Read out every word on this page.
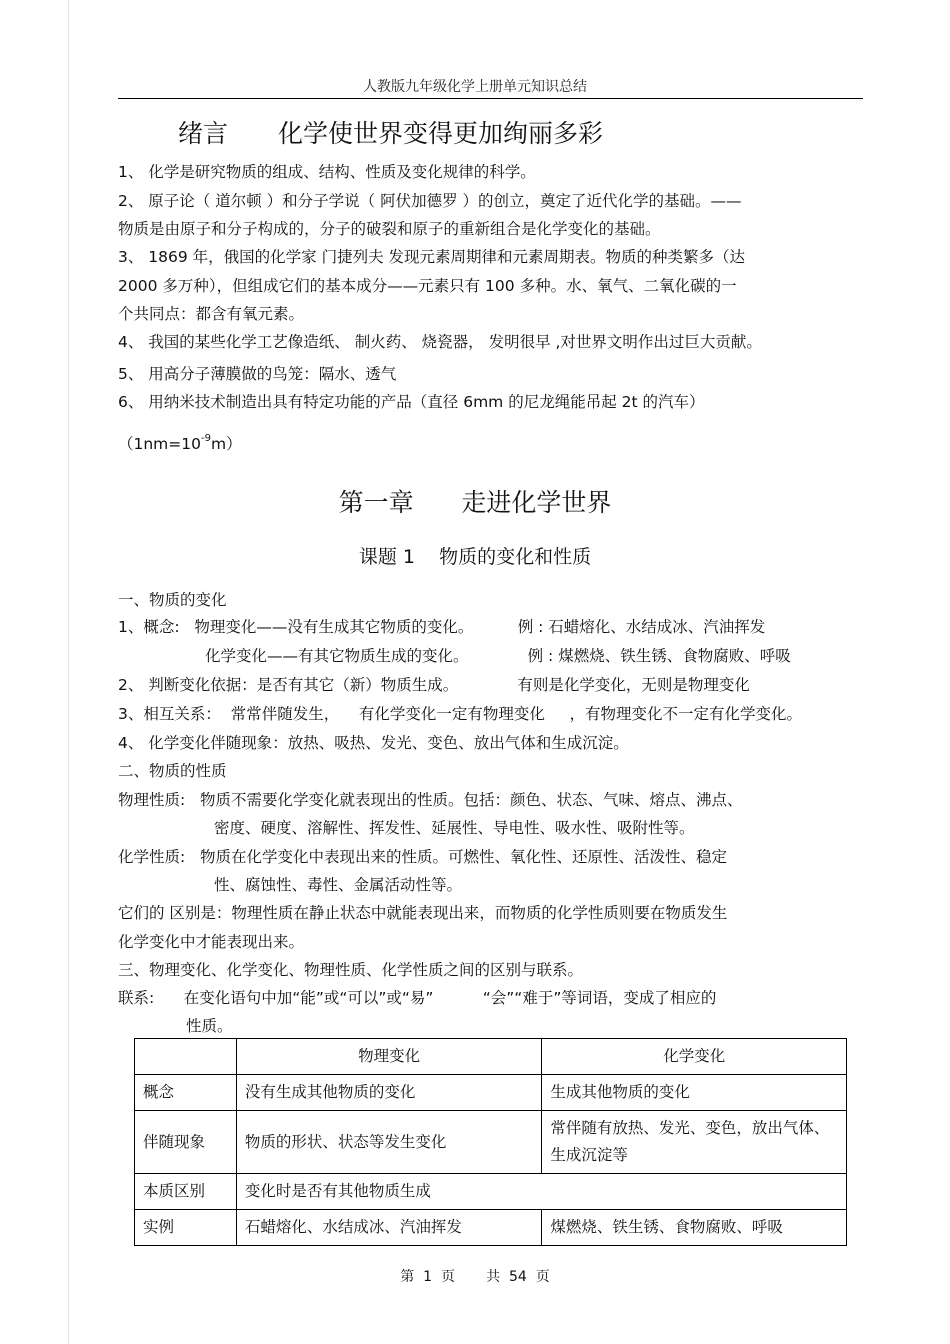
人教版九年级化学上册单元知识总结
绪言 化学使世界变得更加绚丽多彩
1、 化学是研究物质的组成、结构、性质及变化规律的科学。
2、 原子论（ 道尔顿 ）和分子学说（ 阿伏加德罗 ）的创立，奠定了近代化学的基础。——
物质是由原子和分子构成的，分子的破裂和原子的重新组合是化学变化的基础。
3、 1869 年，俄国的化学家 门捷列夫 发现元素周期律和元素周期表。物质的种类繁多（达
2000 多万种），但组成它们的基本成分——元素只有 100 多种。水、氧气、二氧化碳的一
个共同点：都含有氧元素。
4、 我国的某些化学工艺像造纸、 制火药、 烧瓷器， 发明很早 ,对世界文明作出过巨大贡献。
5、 用高分子薄膜做的鸟笼：隔水、透气
6、 用纳米技术制造出具有特定功能的产品（直径 6mm 的尼龙绳能吊起 2t 的汽车）
$(1nm=10^{-9}m)$
第一章      走进化学世界
课题 1    物质的变化和性质
一、物质的变化
1、概念:   物理变化——没有生成其它物质的变化。         例 : 石蜡熔化、水结成冰、汽油挥发
化学变化——有其它物质生成的变化。            例 : 煤燃烧、铁生锈、食物腐败、呼吸
2、 判断变化依据：是否有其它（新）物质生成。            有则是化学变化，无则是物理变化
3、相互关系：  常常伴随发生，    有化学变化一定有物理变化     ，有物理变化不一定有化学变化。
4、 化学变化伴随现象：放热、吸热、发光、变色、放出气体和生成沉淀。
二、物质的性质
物理性质:   物质不需要化学变化就表现出的性质。包括：颜色、状态、气味、熔点、沸点、
密度、硬度、溶解性、挥发性、延展性、导电性、吸水性、吸附性等。
化学性质:   物质在化学变化中表现出来的性质。可燃性、氧化性、还原性、活泼性、稳定
性、腐蚀性、毒性、金属活动性等。
它们的 区别是：物理性质在静止状态中就能表现出来，而物质的化学性质则要在物质发生
化学变化中才能表现出来。
三、物理变化、化学变化、物理性质、化学性质之间的区别与联系。
联系:      在变化语句中加“能”或“可以”或“易”          “会”“难于”等词语，变成了相应的
性质。
	物理变化	化学变化
概念	没有生成其他物质的变化	生成其他物质的变化
伴随现象	物质的形状、状态等发生变化	常伴随有放热、发光、变色，放出气体、生成沉淀等
本质区别	变化时是否有其他物质生成	
实例	石蜡熔化、水结成冰、汽油挥发	煤燃烧、铁生锈、食物腐败、呼吸
第  1  页       共  54  页
